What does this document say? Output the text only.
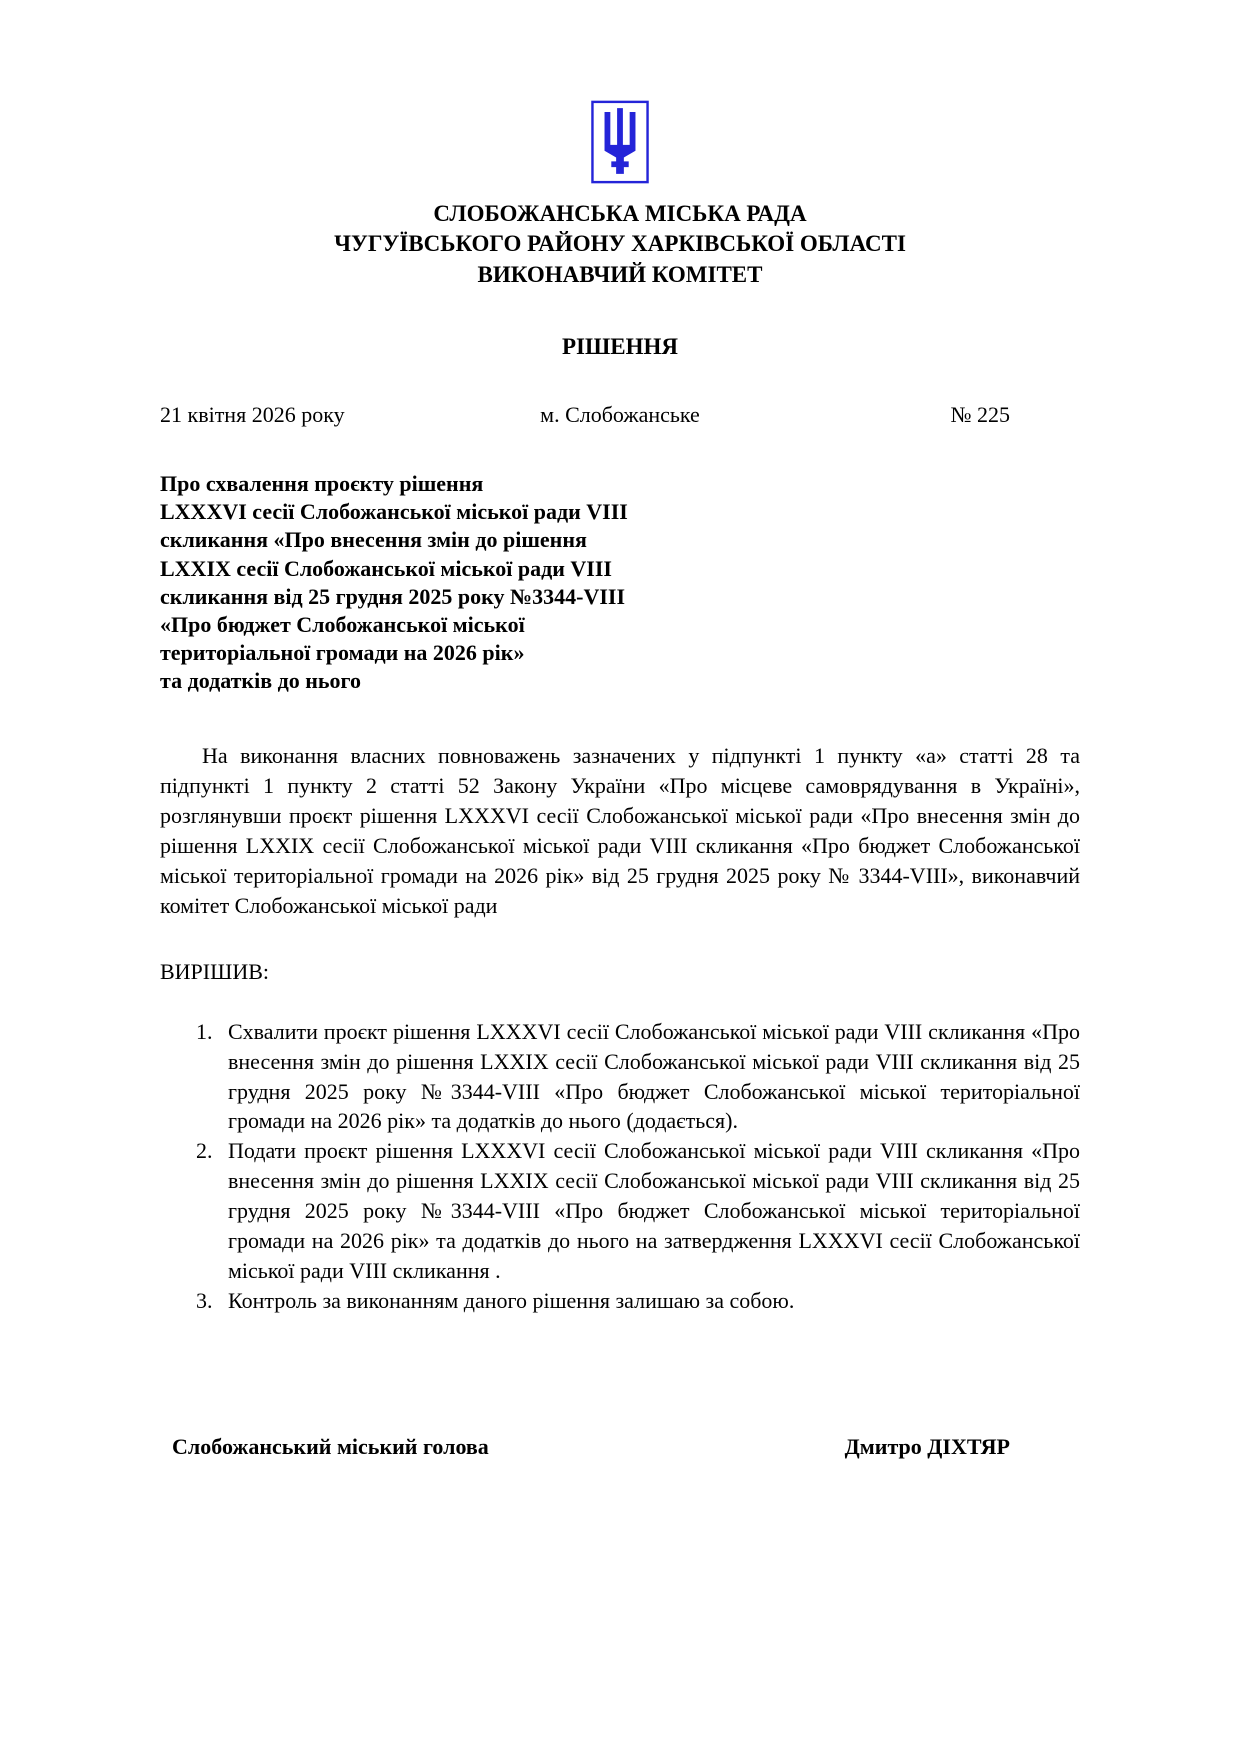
СЛОБОЖАНСЬКА МІСЬКА РАДА
ЧУГУЇВСЬКОГО РАЙОНУ ХАРКІВСЬКОЇ ОБЛАСТІ
ВИКОНАВЧИЙ КОМІТЕТ
РІШЕННЯ
21 квітня 2026 року	м. Слобожанське	№ 225
Про схвалення проєкту рішення
LXXXVI сесії Слобожанської міської ради VIII
скликання «Про внесення змін до рішення
LXXIX сесії Слобожанської міської ради VIII
скликання від 25 грудня 2025 року №3344-VIII
«Про бюджет Слобожанської міської
територіальної громади на 2026 рік»
та додатків до нього
На виконання власних повноважень зазначених у підпункті 1 пункту «а» статті 28 та підпункті 1 пункту 2 статті 52 Закону України «Про місцеве самоврядування в Україні», розглянувши проєкт рішення LXXXVI сесії Слобожанської міської ради «Про внесення змін до рішення LXXIX сесії Слобожанської міської ради VIII скликання «Про бюджет Слобожанської міської територіальної громади на 2026 рік» від 25 грудня 2025 року № 3344-VIII», виконавчий комітет Слобожанської міської ради
ВИРІШИВ:
1. Схвалити проєкт рішення LXXXVI сесії Слобожанської міської ради VIII скликання «Про внесення змін до рішення LXXIX сесії Слобожанської міської ради VIII скликання від 25 грудня 2025 року №3344-VIII «Про бюджет Слобожанської міської територіальної громади на 2026 рік» та додатків до нього (додається).
2. Подати проєкт рішення LXXXVI сесії Слобожанської міської ради VIII скликання «Про внесення змін до рішення LXXIX сесії Слобожанської міської ради VIII скликання від 25 грудня 2025 року №3344-VIII «Про бюджет Слобожанської міської територіальної громади на 2026 рік» та додатків до нього на затвердження LXXXVI сесії Слобожанської міської ради VIII скликання .
3. Контроль за виконанням даного рішення залишаю за собою.
Слобожанський міський голова	Дмитро ДІХТЯР
